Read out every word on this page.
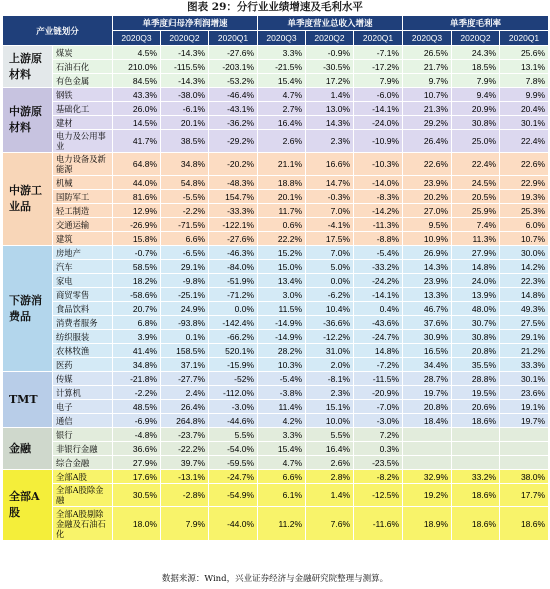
图表 29：分行业业绩增速及毛利水平
产业链划分		单季度归母净利润增速			单季度营业总收入增速			单季度毛利率		
		2020Q3	2020Q2	2020Q1	2020Q3	2020Q2	2020Q1	2020Q3	2020Q2	2020Q1
上游原材料	煤炭	4.5%	-14.3%	-27.6%	3.3%	-0.9%	-7.1%	26.5%	24.3%	25.6%
	石油石化	210.0%	-115.5%	-203.1%	-21.5%	-30.5%	-17.2%	21.7%	18.5%	13.1%
	有色金属	84.5%	-14.3%	-53.2%	15.4%	17.2%	7.9%	9.7%	7.9%	7.8%
中游原材料	钢铁	43.3%	-38.0%	-46.4%	4.7%	1.4%	-6.0%	10.7%	9.4%	9.9%
	基础化工	26.0%	-6.1%	-43.1%	2.7%	13.0%	-14.1%	21.3%	20.9%	20.4%
	建材	14.5%	20.1%	-36.2%	16.4%	14.3%	-24.0%	29.2%	30.8%	30.1%
	电力及公用事业	41.7%	38.5%	-29.2%	2.6%	2.3%	-10.9%	26.4%	25.0%	22.4%
中游工业品	电力设备及新能源	64.8%	34.8%	-20.2%	21.1%	16.6%	-10.3%	22.6%	22.4%	22.6%
	机械	44.0%	54.8%	-48.3%	18.8%	14.7%	-14.0%	23.9%	24.5%	22.9%
	国防军工	81.6%	-5.5%	154.7%	20.1%	-0.3%	-8.3%	20.2%	20.5%	19.3%
	轻工制造	12.9%	-2.2%	-33.3%	11.7%	7.0%	-14.2%	27.0%	25.9%	25.3%
	交通运输	-26.9%	-71.5%	-122.1%	0.6%	-4.1%	-11.3%	9.5%	7.4%	6.0%
	建筑	15.8%	6.6%	-27.6%	22.2%	17.5%	-8.8%	10.9%	11.3%	10.7%
下游消费品	房地产	-0.7%	-6.5%	-46.3%	15.2%	7.0%	-5.4%	26.9%	27.9%	30.0%
	汽车	58.5%	29.1%	-84.0%	15.0%	5.0%	-33.2%	14.3%	14.8%	14.2%
	家电	18.2%	-9.8%	-51.9%	13.4%	0.0%	-24.2%	23.9%	24.0%	22.3%
	商贸零售	-58.6%	-25.1%	-71.2%	3.0%	-6.2%	-14.1%	13.3%	13.9%	14.8%
	食品饮料	20.7%	24.9%	0.0%	11.5%	10.4%	0.4%	46.7%	48.0%	49.3%
	消费者服务	6.8%	-93.8%	-142.4%	-14.9%	-36.6%	-43.6%	37.6%	30.7%	27.5%
	纺织服装	3.9%	0.1%	-66.2%	-14.9%	-12.2%	-24.7%	30.9%	30.8%	29.1%
	农林牧渔	41.4%	158.5%	520.1%	28.2%	31.0%	14.8%	16.5%	20.8%	21.2%
	医药	34.8%	37.1%	-15.9%	10.3%	2.0%	-7.2%	34.4%	35.5%	33.3%
TMT	传媒	-21.8%	-27.7%	-52%	-5.4%	-8.1%	-11.5%	28.7%	28.8%	30.1%
	计算机	-2.2%	2.4%	-112.0%	-3.8%	2.3%	-20.9%	19.7%	19.5%	23.6%
	电子	48.5%	26.4%	-3.0%	11.4%	15.1%	-7.0%	20.8%	20.6%	19.1%
	通信	-6.9%	264.8%	-44.6%	4.2%	10.0%	-3.0%	18.4%	18.6%	19.7%
金融	银行	-4.8%	-23.7%	5.5%	3.3%	5.5%	7.2%			
	非银行金融	36.6%	-22.2%	-54.0%	15.4%	16.4%	0.3%			
	综合金融	27.9%	39.7%	-59.5%	4.7%	2.6%	-23.5%			
全部A股	全部A股	17.6%	-13.1%	-24.7%	6.6%	2.8%	-8.2%	32.9%	33.2%	38.0%
	全部A股除金融	30.5%	-2.8%	-54.9%	6.1%	1.4%	-12.5%	19.2%	18.6%	17.7%
	全部A股剔除金融及石油石化	18.0%	7.9%	-44.0%	11.2%	7.6%	-11.6%	18.9%	18.6%	18.6%
数据来源：Wind，兴业证券经济与金融研究院整理与测算。
